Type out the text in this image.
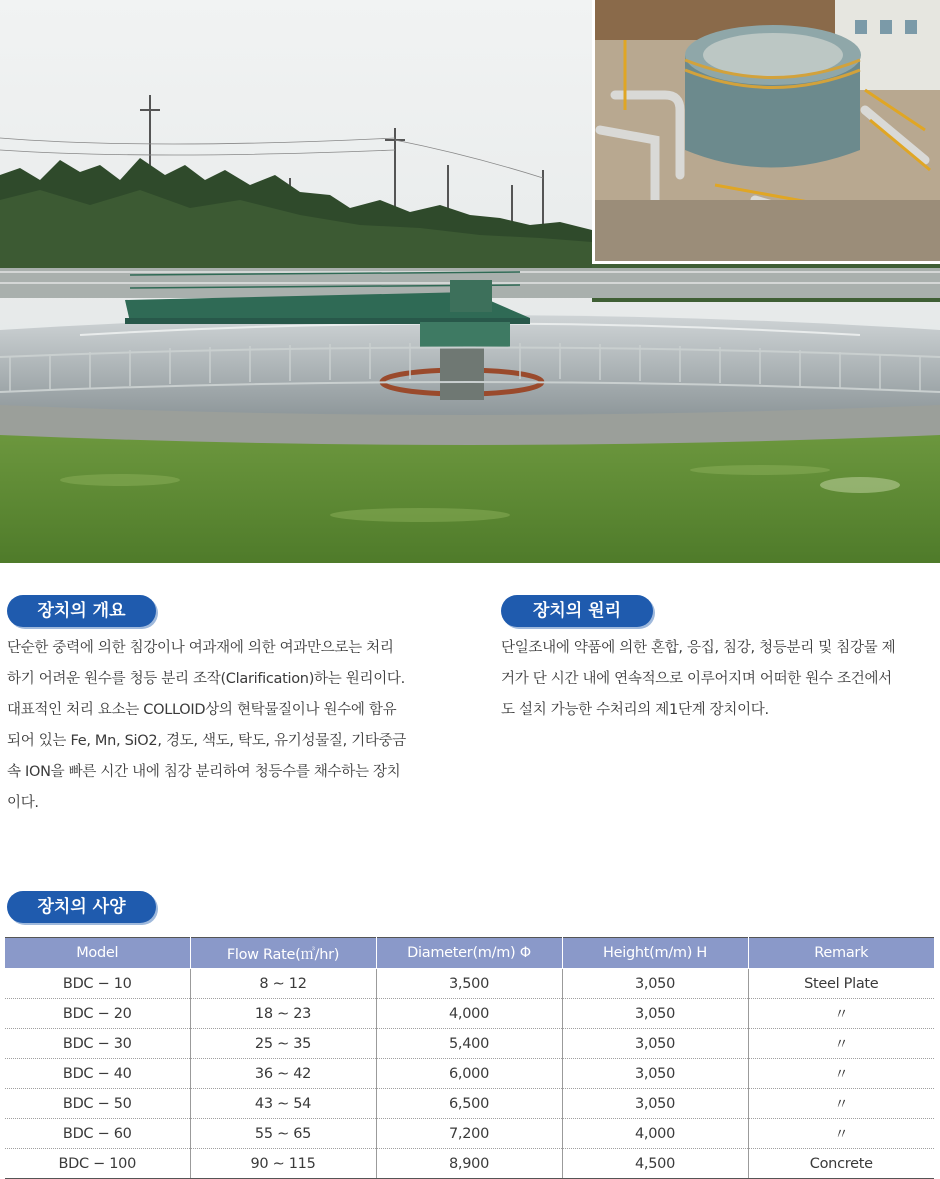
장치의 개요

단순한 중력에 의한 침강이나 여과재에 의한 여과만으로는 처리

하기 어려운 원수를 청등 분리 조작(Clarification)하는 원리이다.

대표적인 처리 요소는 COLLOID상의 현탁물질이나 원수에 함유

되어 있는 Fe, Mn, SiO2, 경도, 색도, 탁도, 유기성물질, 기타중금

속 ION을 빠른 시간 내에 침강 분리하여 청등수를 채수하는 장치

이다.

장치의 원리

단일조내에 약품에 의한 혼합, 응집, 침강, 청등분리 및 침강물 제

거가 단 시간 내에 연속적으로 이루어지며 어떠한 원수 조건에서

도 설치 가능한 수처리의 제1단계 장치이다.

장치의 사양
Model	Flow Rate(㎥/hr)	Diameter(m/m) Φ	Height(m/m) H	Remark
BDC − 10	8 ∼ 12	3,500	3,050	Steel Plate
BDC − 20	18 ∼ 23	4,000	3,050	〃
BDC − 30	25 ∼ 35	5,400	3,050	〃
BDC − 40	36 ∼ 42	6,000	3,050	〃
BDC − 50	43 ∼ 54	6,500	3,050	〃
BDC − 60	55 ∼ 65	7,200	4,000	〃
BDC − 100	90 ∼ 115	8,900	4,500	Concrete
